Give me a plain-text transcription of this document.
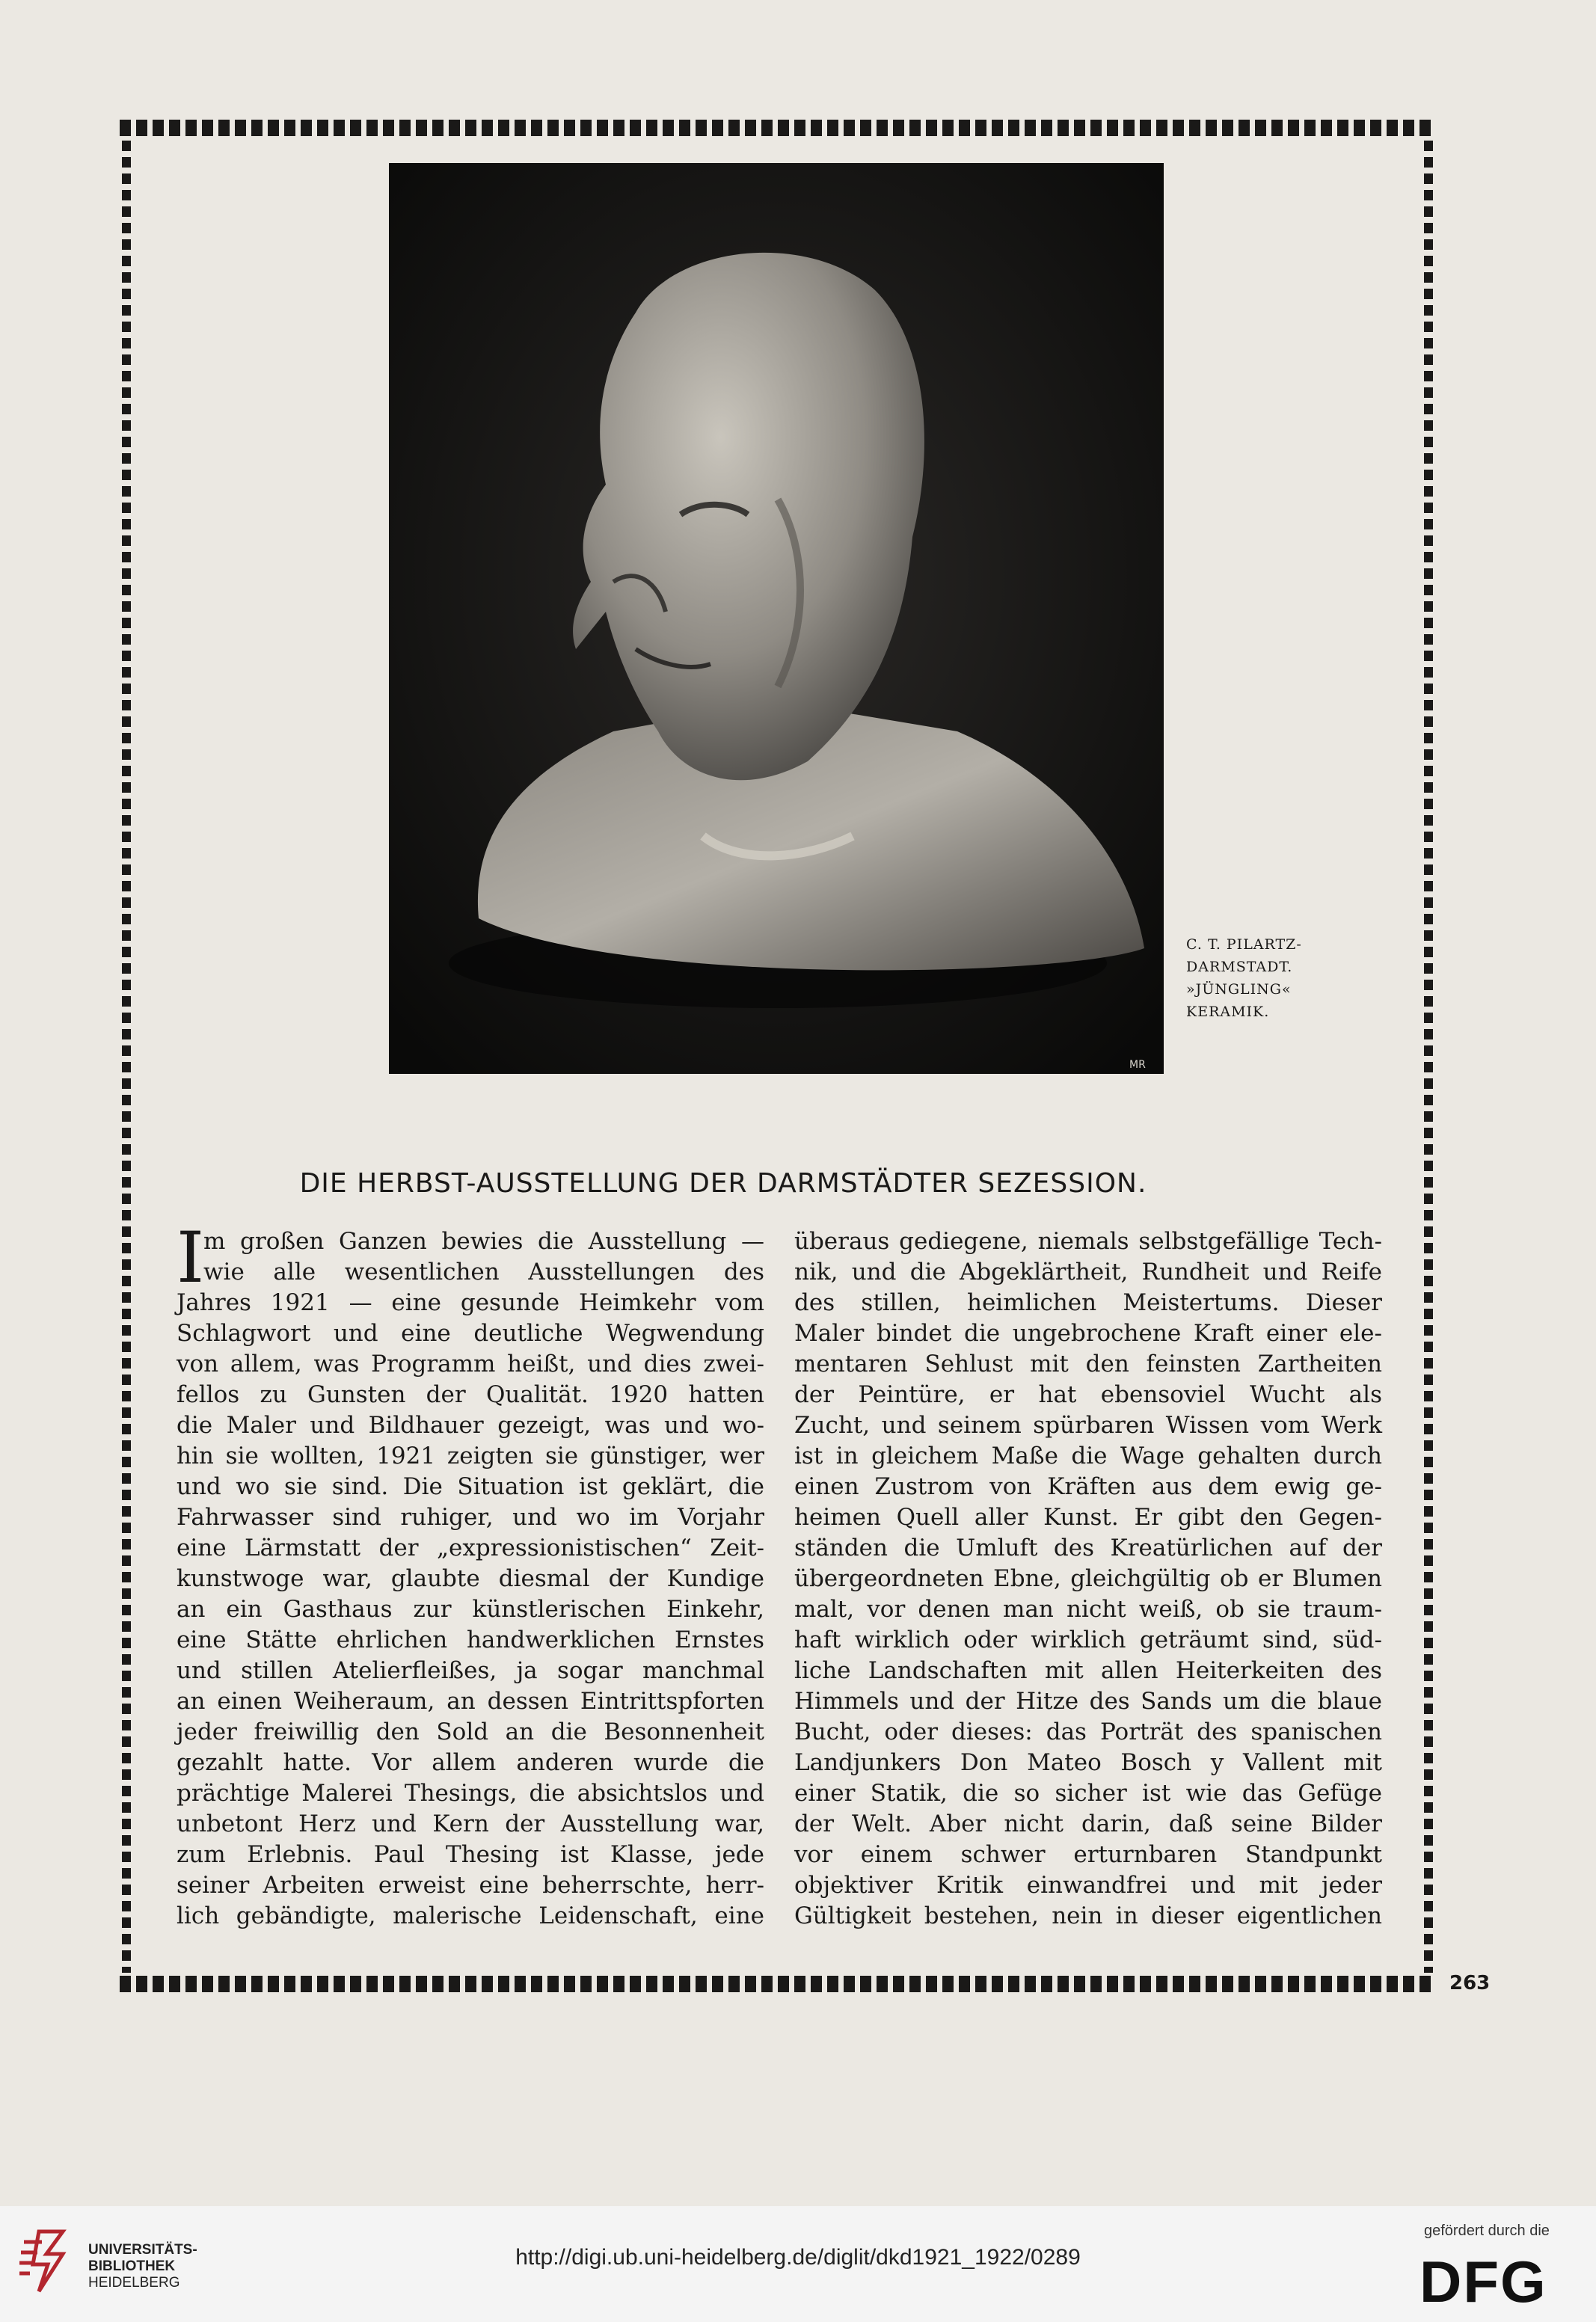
MR
C. T. PILARTZ-
DARMSTADT.
»JÜNGLING«
KERAMIK.
DIE HERBST-AUSSTELLUNG DER DARMSTÄDTER SEZESSION.
I
m großen Ganzen bewies die Ausstellung —
wie alle wesentlichen Ausstellungen des
Jahres 1921 — eine gesunde Heimkehr vom
Schlagwort und eine deutliche Wegwendung
von allem, was Programm heißt, und dies zwei-
fellos zu Gunsten der Qualität. 1920 hatten
die Maler und Bildhauer gezeigt, was und wo-
hin sie wollten, 1921 zeigten sie günstiger, wer
und wo sie sind. Die Situation ist geklärt, die
Fahrwasser sind ruhiger, und wo im Vorjahr
eine Lärmstatt der „expressionistischen“ Zeit-
kunstwoge war, glaubte diesmal der Kundige
an ein Gasthaus zur künstlerischen Einkehr,
eine Stätte ehrlichen handwerklichen Ernstes
und stillen Atelierfleißes, ja sogar manchmal
an einen Weiheraum, an dessen Eintrittspforten
jeder freiwillig den Sold an die Besonnenheit
gezahlt hatte. Vor allem anderen wurde die
prächtige Malerei Thesings, die absichtslos und
unbetont Herz und Kern der Ausstellung war,
zum Erlebnis. Paul Thesing ist Klasse, jede
seiner Arbeiten erweist eine beherrschte, herr-
lich gebändigte, malerische Leidenschaft, eine
überaus gediegene, niemals selbstgefällige Tech-
nik, und die Abgeklärtheit, Rundheit und Reife
des stillen, heimlichen Meistertums. Dieser
Maler bindet die ungebrochene Kraft einer ele-
mentaren Sehlust mit den feinsten Zartheiten
der Peintüre, er hat ebensoviel Wucht als
Zucht, und seinem spürbaren Wissen vom Werk
ist in gleichem Maße die Wage gehalten durch
einen Zustrom von Kräften aus dem ewig ge-
heimen Quell aller Kunst. Er gibt den Gegen-
ständen die Umluft des Kreatürlichen auf der
übergeordneten Ebne, gleichgültig ob er Blumen
malt, vor denen man nicht weiß, ob sie traum-
haft wirklich oder wirklich geträumt sind, süd-
liche Landschaften mit allen Heiterkeiten des
Himmels und der Hitze des Sands um die blaue
Bucht, oder dieses: das Porträt des spanischen
Landjunkers Don Mateo Bosch y Vallent mit
einer Statik, die so sicher ist wie das Gefüge
der Welt. Aber nicht darin, daß seine Bilder
vor einem schwer erturnbaren Standpunkt
objektiver Kritik einwandfrei und mit jeder
Gültigkeit bestehen, nein in dieser eigentlichen
263
UNIVERSITÄTS-
BIBLIOTHEK
HEIDELBERG
http://digi.ub.uni-heidelberg.de/diglit/dkd1921_1922/0289
gefördert durch die
DFG
